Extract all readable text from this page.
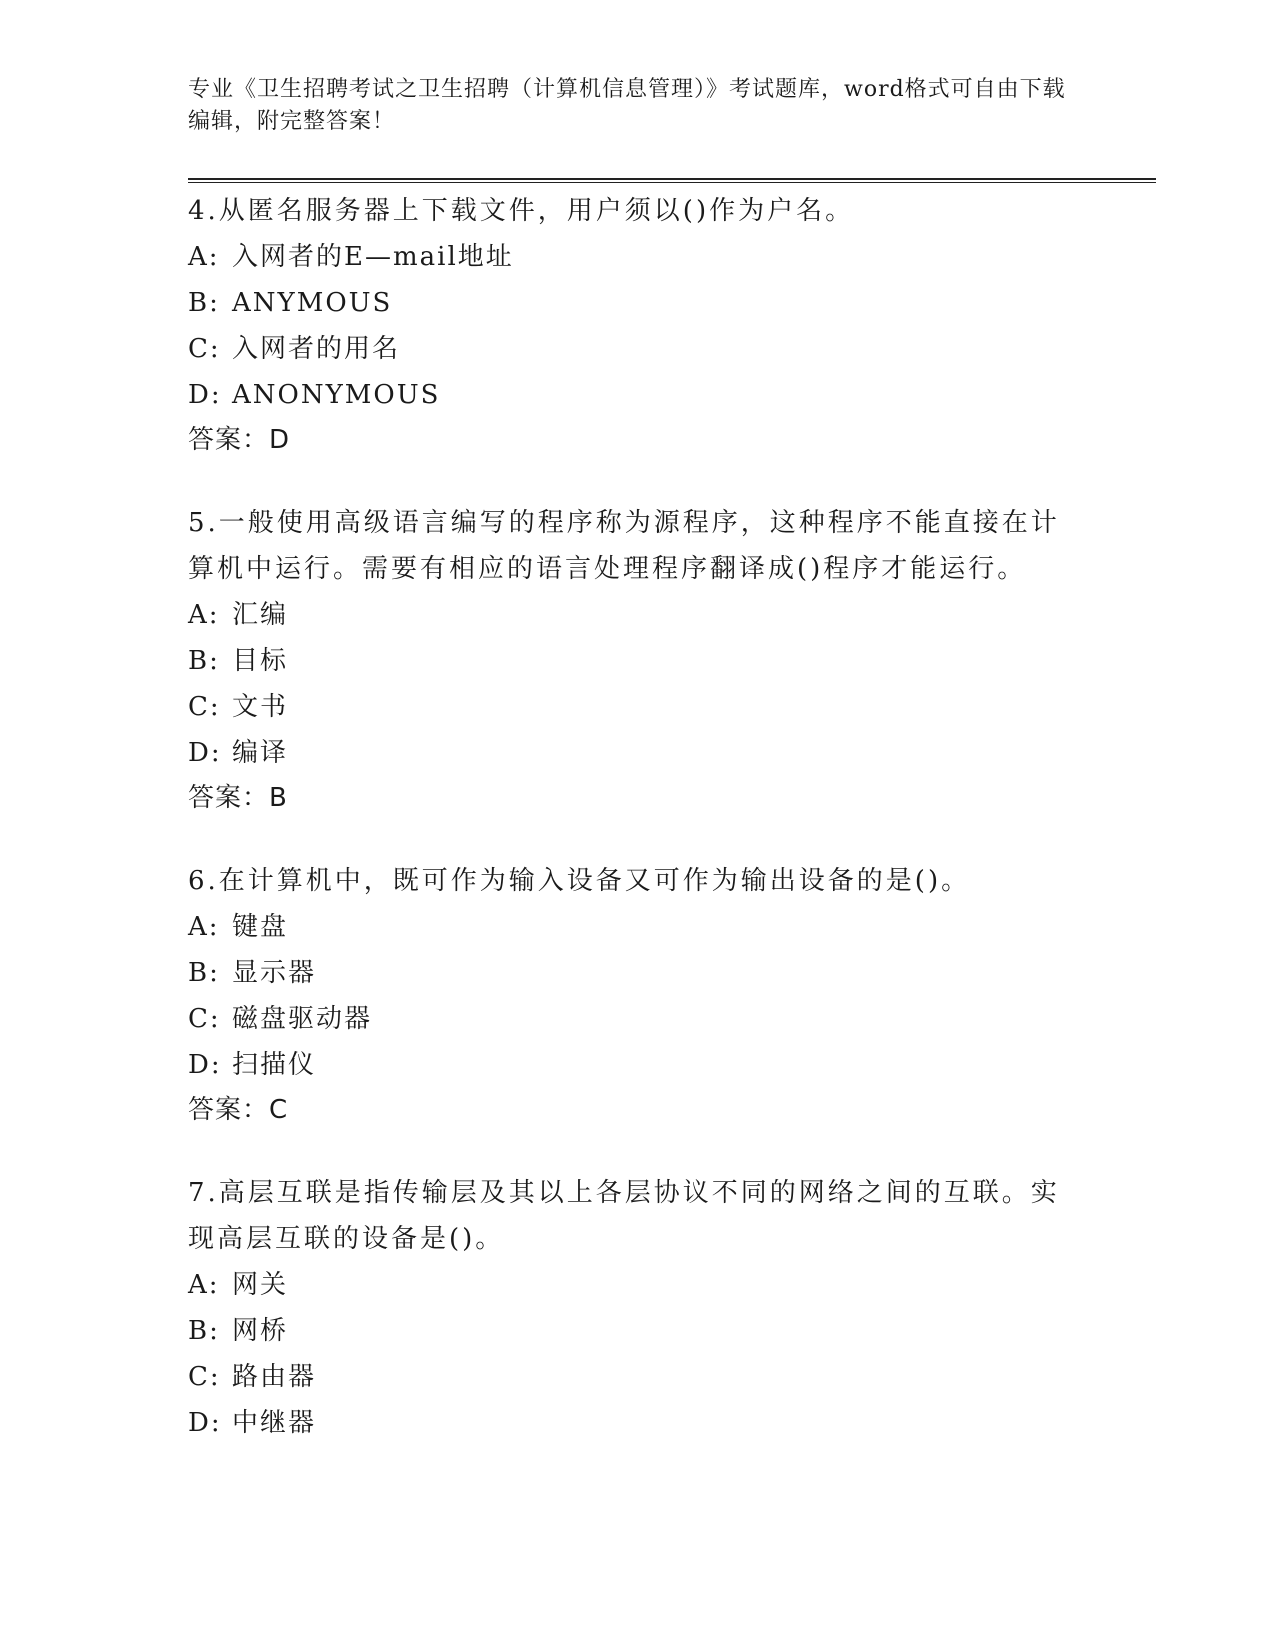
专业《卫生招聘考试之卫生招聘（计算机信息管理）》考试题库，word格式可自由下载编辑，附完整答案！

4.从匿名服务器上下载文件，用户须以()作为户名。

A: 入网者的E—mail地址

B: ANYMOUS

C: 入网者的用名

D: ANONYMOUS

答案：D

5.一般使用高级语言编写的程序称为源程序，这种程序不能直接在计算机中运行。需要有相应的语言处理程序翻译成()程序才能运行。

A: 汇编

B: 目标

C: 文书

D: 编译

答案：B

6.在计算机中，既可作为输入设备又可作为输出设备的是()。

A: 键盘

B: 显示器

C: 磁盘驱动器

D: 扫描仪

答案：C

7.高层互联是指传输层及其以上各层协议不同的网络之间的互联。实现高层互联的设备是()。

A: 网关

B: 网桥

C: 路由器

D: 中继器
